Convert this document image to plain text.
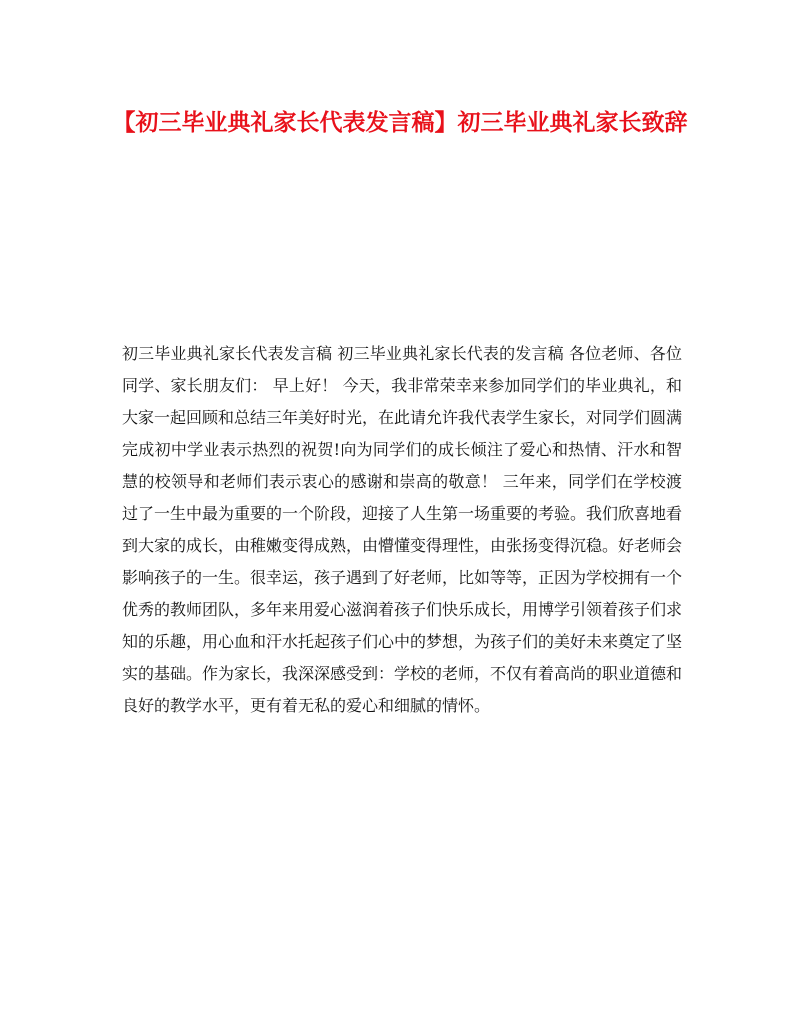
【初三毕业典礼家长代表发言稿】初三毕业典礼家长致辞

初三毕业典礼家长代表发言稿 初三毕业典礼家长代表的发言稿 各位老师、各位同学、家长朋友们： 早上好！ 今天，我非常荣幸来参加同学们的毕业典礼，和大家一起回顾和总结三年美好时光，在此请允许我代表学生家长，对同学们圆满完成初中学业表示热烈的祝贺!向为同学们的成长倾注了爱心和热情、汗水和智慧的校领导和老师们表示衷心的感谢和崇高的敬意！ 三年来，同学们在学校渡过了一生中最为重要的一个阶段，迎接了人生第一场重要的考验。我们欣喜地看到大家的成长，由稚嫩变得成熟，由懵懂变得理性，由张扬变得沉稳。好老师会影响孩子的一生。很幸运，孩子遇到了好老师，比如等等，正因为学校拥有一个优秀的教师团队，多年来用爱心滋润着孩子们快乐成长，用博学引领着孩子们求知的乐趣，用心血和汗水托起孩子们心中的梦想，为孩子们的美好未来奠定了坚实的基础。作为家长，我深深感受到：学校的老师，不仅有着高尚的职业道德和良好的教学水平，更有着无私的爱心和细腻的情怀。
